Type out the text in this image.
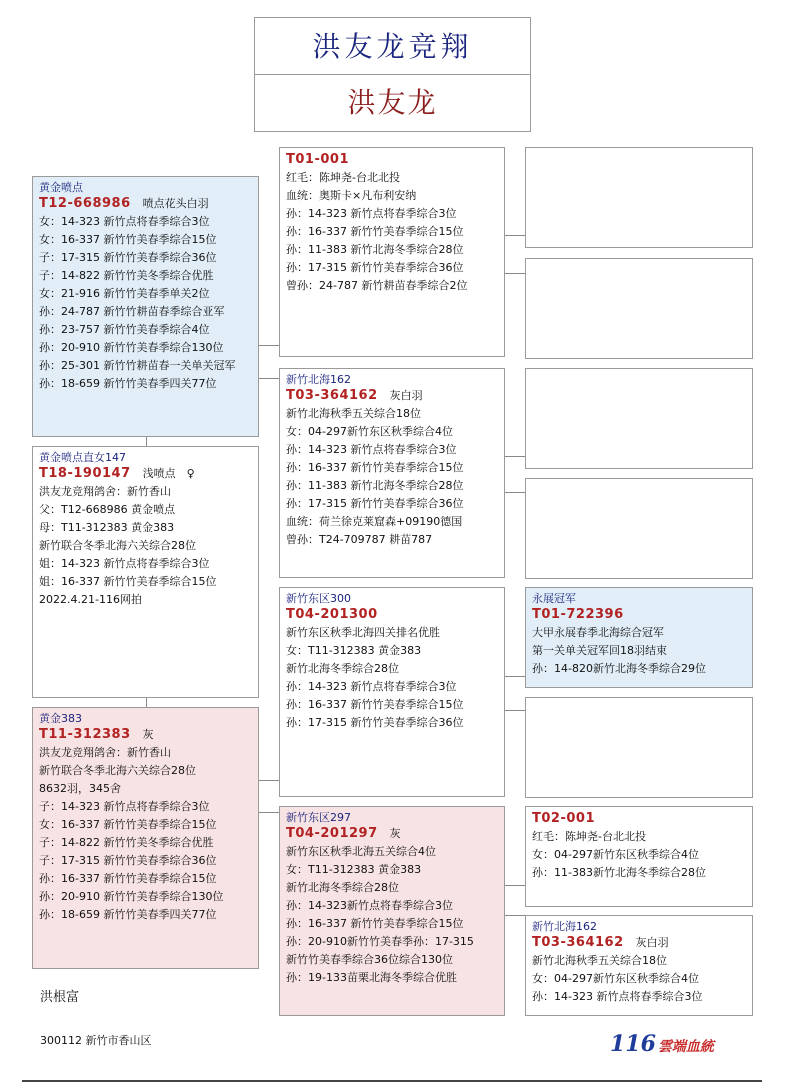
洪友龙竞翔
洪友龙
黄金喷点
T12-668986 喷点花头白羽
女：14-323 新竹点将春季综合3位
女：16-337 新竹竹美春季综合15位
子：17-315 新竹竹美春季综合36位
子：14-822 新竹竹美冬季综合优胜
女：21-916 新竹竹美春季单关2位
孙：24-787 新竹竹耕苗春季综合亚军
孙：23-757 新竹竹美春季综合4位
孙：20-910 新竹竹美春季综合130位
孙：25-301 新竹竹耕苗春一关单关冠军
孙：18-659 新竹竹美春季四关77位
黄金喷点直女147
T18-190147 浅喷点　♀
洪友龙竞翔鸽舍：新竹香山
父：T12-668986 黄金喷点
母：T11-312383 黄金383
新竹联合冬季北海六关综合28位
姐：14-323 新竹点将春季综合3位
姐：16-337 新竹竹美春季综合15位
2022.4.21-116网拍
黄金383
T11-312383 灰
洪友龙竞翔鸽舍：新竹香山
新竹联合冬季北海六关综合28位
8632羽，345舍
子：14-323 新竹点将春季综合3位
女：16-337 新竹竹美春季综合15位
子：14-822 新竹竹美冬季综合优胜
子：17-315 新竹竹美春季综合36位
孙：16-337 新竹竹美春季综合15位
孙：20-910 新竹竹美春季综合130位
孙：18-659 新竹竹美春季四关77位
T01-001
红毛：陈坤尧-台北北投
血统：奥斯卡×凡布利安纳
孙：14-323 新竹点将春季综合3位
孙：16-337 新竹竹美春季综合15位
孙：11-383 新竹北海冬季综合28位
孙：17-315 新竹竹美春季综合36位
曾孙：24-787 新竹耕苗春季综合2位
新竹北海162
T03-364162 灰白羽
新竹北海秋季五关综合18位
女：04-297新竹东区秋季综合4位
孙：14-323 新竹点将春季综合3位
孙：16-337 新竹竹美春季综合15位
孙：11-383 新竹北海冬季综合28位
孙：17-315 新竹竹美春季综合36位
血统：荷兰徐克莱窟森+09190德国
曾孙：T24-709787 耕苗787
新竹东区300
T04-201300
新竹东区秋季北海四关排名优胜
女：T11-312383 黄金383
新竹北海冬季综合28位
孙：14-323 新竹点将春季综合3位
孙：16-337 新竹竹美春季综合15位
孙：17-315 新竹竹美春季综合36位
新竹东区297
T04-201297 灰
新竹东区秋季北海五关综合4位
女：T11-312383 黄金383
新竹北海冬季综合28位
孙：14-323新竹点将春季综合3位
孙：16-337 新竹竹美春季综合15位
孙：20-910新竹竹美春季孙：17-315
新竹竹美春季综合36位综合130位
孙：19-133苗栗北海冬季综合优胜
永展冠军
T01-722396
大甲永展春季北海综合冠军
第一关单关冠军回18羽结束
孙：14-820新竹北海冬季综合29位
T02-001
红毛：陈坤尧-台北北投
女：04-297新竹东区秋季综合4位
孙：11-383新竹北海冬季综合28位
新竹北海162
T03-364162 灰白羽
新竹北海秋季五关综合18位
女：04-297新竹东区秋季综合4位
孙：14-323 新竹点将春季综合3位
洪根富
300112 新竹市香山区	116 雲端血統
